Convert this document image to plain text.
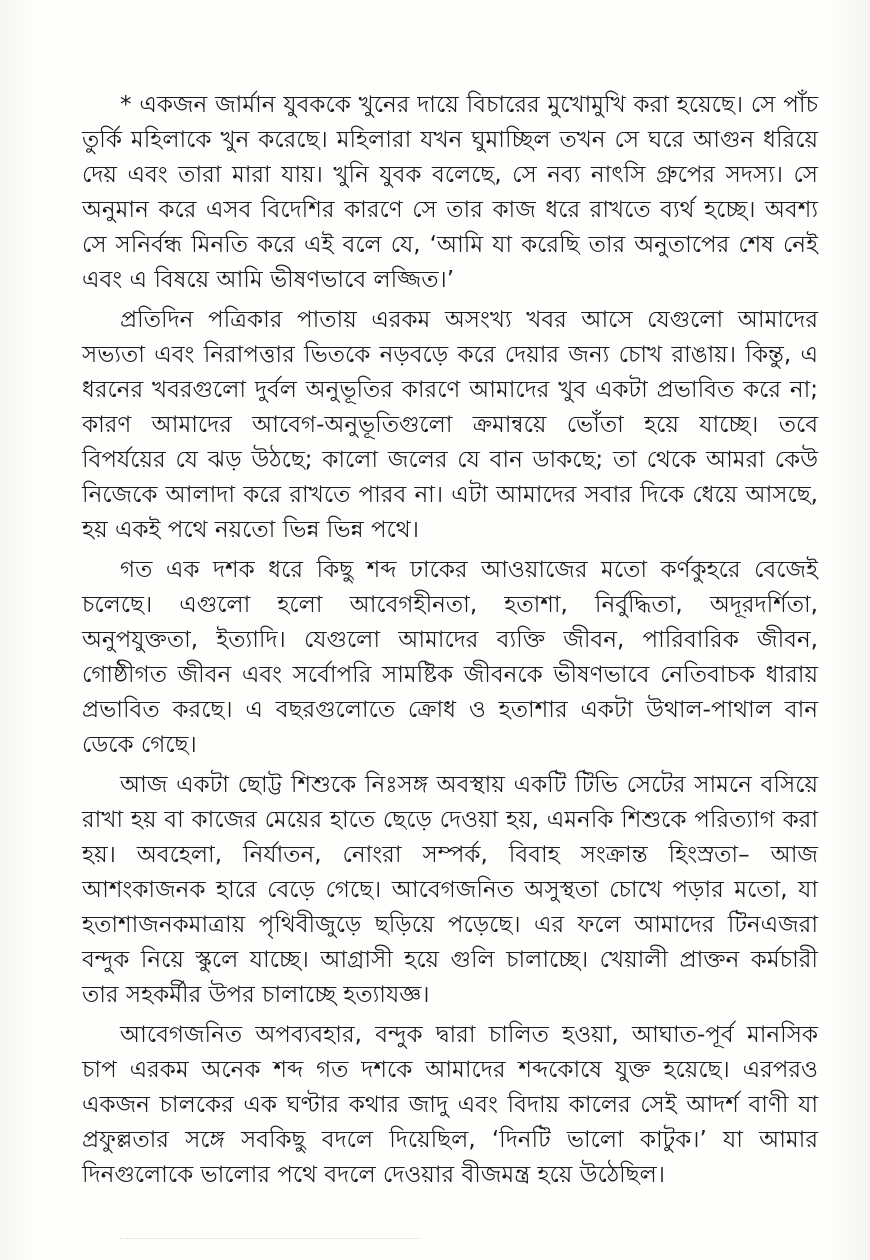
* একজন জার্মান যুবককে খুনের দায়ে বিচারের মুখোমুখি করা হয়েছে। সে পাঁচ তুর্কি মহিলাকে খুন করেছে। মহিলারা যখন ঘুমাচ্ছিল তখন সে ঘরে আগুন ধরিয়ে দেয় এবং তারা মারা যায়। খুনি যুবক বলেছে, সে নব্য নাৎসি গ্রুপের সদস্য। সে অনুমান করে এসব বিদেশির কারণে সে তার কাজ ধরে রাখতে ব্যর্থ হচ্ছে। অবশ্য সে সনির্বন্ধ মিনতি করে এই বলে যে, ‘আমি যা করেছি তার অনুতাপের শেষ নেই এবং এ বিষয়ে আমি ভীষণভাবে লজ্জিত।’

প্রতিদিন পত্রিকার পাতায় এরকম অসংখ্য খবর আসে যেগুলো আমাদের সভ্যতা এবং নিরাপত্তার ভিতকে নড়বড়ে করে দেয়ার জন্য চোখ রাঙায়। কিন্তু, এ ধরনের খবরগুলো দুর্বল অনুভূতির কারণে আমাদের খুব একটা প্রভাবিত করে না; কারণ আমাদের আবেগ-অনুভূতিগুলো ক্রমান্বয়ে ভোঁতা হয়ে যাচ্ছে। তবে বিপর্যয়ের যে ঝড় উঠছে; কালো জলের যে বান ডাকছে; তা থেকে আমরা কেউ নিজেকে আলাদা করে রাখতে পারব না। এটা আমাদের সবার দিকে ধেয়ে আসছে, হয় একই পথে নয়তো ভিন্ন ভিন্ন পথে।

গত এক দশক ধরে কিছু শব্দ ঢাকের আওয়াজের মতো কর্ণকুহরে বেজেই চলেছে। এগুলো হলো আবেগহীনতা, হতাশা, নির্বুদ্ধিতা, অদূরদর্শিতা, অনুপযুক্ততা, ইত্যাদি। যেগুলো আমাদের ব্যক্তি জীবন, পারিবারিক জীবন, গোষ্ঠীগত জীবন এবং সর্বোপরি সামষ্টিক জীবনকে ভীষণভাবে নেতিবাচক ধারায় প্রভাবিত করছে। এ বছরগুলোতে ক্রোধ ও হতাশার একটা উথাল-পাথাল বান ডেকে গেছে।

আজ একটা ছোট্ট শিশুকে নিঃসঙ্গ অবস্থায় একটি টিভি সেটের সামনে বসিয়ে রাখা হয় বা কাজের মেয়ের হাতে ছেড়ে দেওয়া হয়, এমনকি শিশুকে পরিত্যাগ করা হয়। অবহেলা, নির্যাতন, নোংরা সম্পর্ক, বিবাহ সংক্রান্ত হিংস্রতা– আজ আশংকাজনক হারে বেড়ে গেছে। আবেগজনিত অসুস্থতা চোখে পড়ার মতো, যা হতাশাজনকমাত্রায় পৃথিবীজুড়ে ছড়িয়ে পড়েছে। এর ফলে আমাদের টিনএজরা বন্দুক নিয়ে স্কুলে যাচ্ছে। আগ্রাসী হয়ে গুলি চালাচ্ছে। খেয়ালী প্রাক্তন কর্মচারী তার সহকর্মীর উপর চালাচ্ছে হত্যাযজ্ঞ।

আবেগজনিত অপব্যবহার, বন্দুক দ্বারা চালিত হওয়া, আঘাত-পূর্ব মানসিক চাপ এরকম অনেক শব্দ গত দশকে আমাদের শব্দকোষে যুক্ত হয়েছে। এরপরও একজন চালকের এক ঘণ্টার কথার জাদু এবং বিদায় কালের সেই আদর্শ বাণী যা প্রফুল্লতার সঙ্গে সবকিছু বদলে দিয়েছিল, ‘দিনটি ভালো কাটুক।’ যা আমার দিনগুলোকে ভালোর পথে বদলে দেওয়ার বীজমন্ত্র হয়ে উঠেছিল।
